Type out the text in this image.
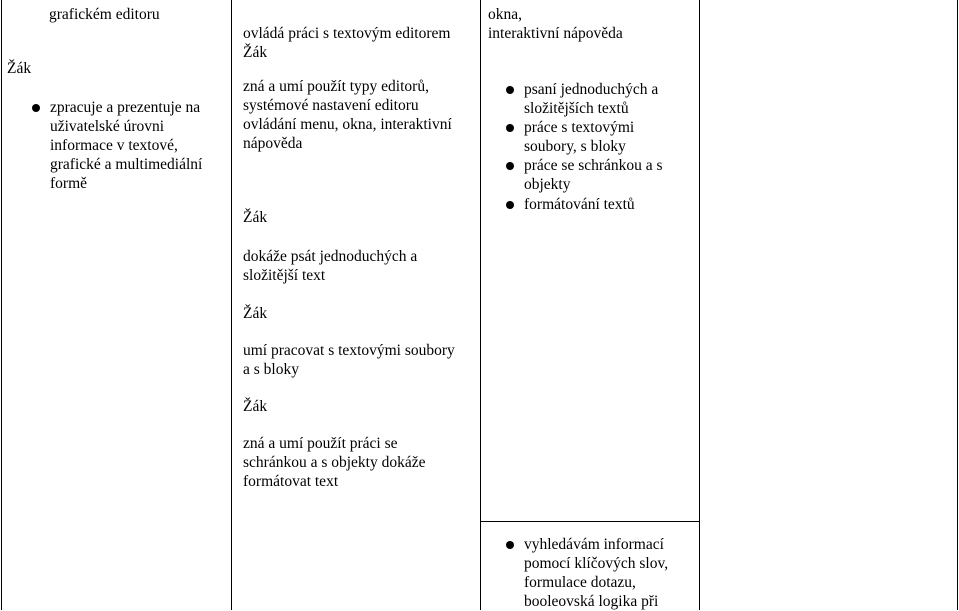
grafickém editoru
Žák
zpracuje a prezentuje na
uživatelské úrovni
informace v textové,
grafické a multimediální
formě
ovládá práci s textovým editorem
Žák
zná a umí použít typy editorů,
systémové nastavení editoru
ovládání menu, okna, interaktivní
nápověda
Žák
dokáže psát jednoduchých a
složitější text
Žák
umí pracovat s textovými soubory
a s bloky
Žák
zná a umí použít práci se
schránkou a s objekty dokáže
formátovat text
okna,
interaktivní nápověda
psaní jednoduchých a
složitějších textů
práce s textovými
soubory, s bloky
práce se schránkou a s
objekty
formátování textů
vyhledávám informací
pomocí klíčových slov,
formulace dotazu,
booleovská logika při
